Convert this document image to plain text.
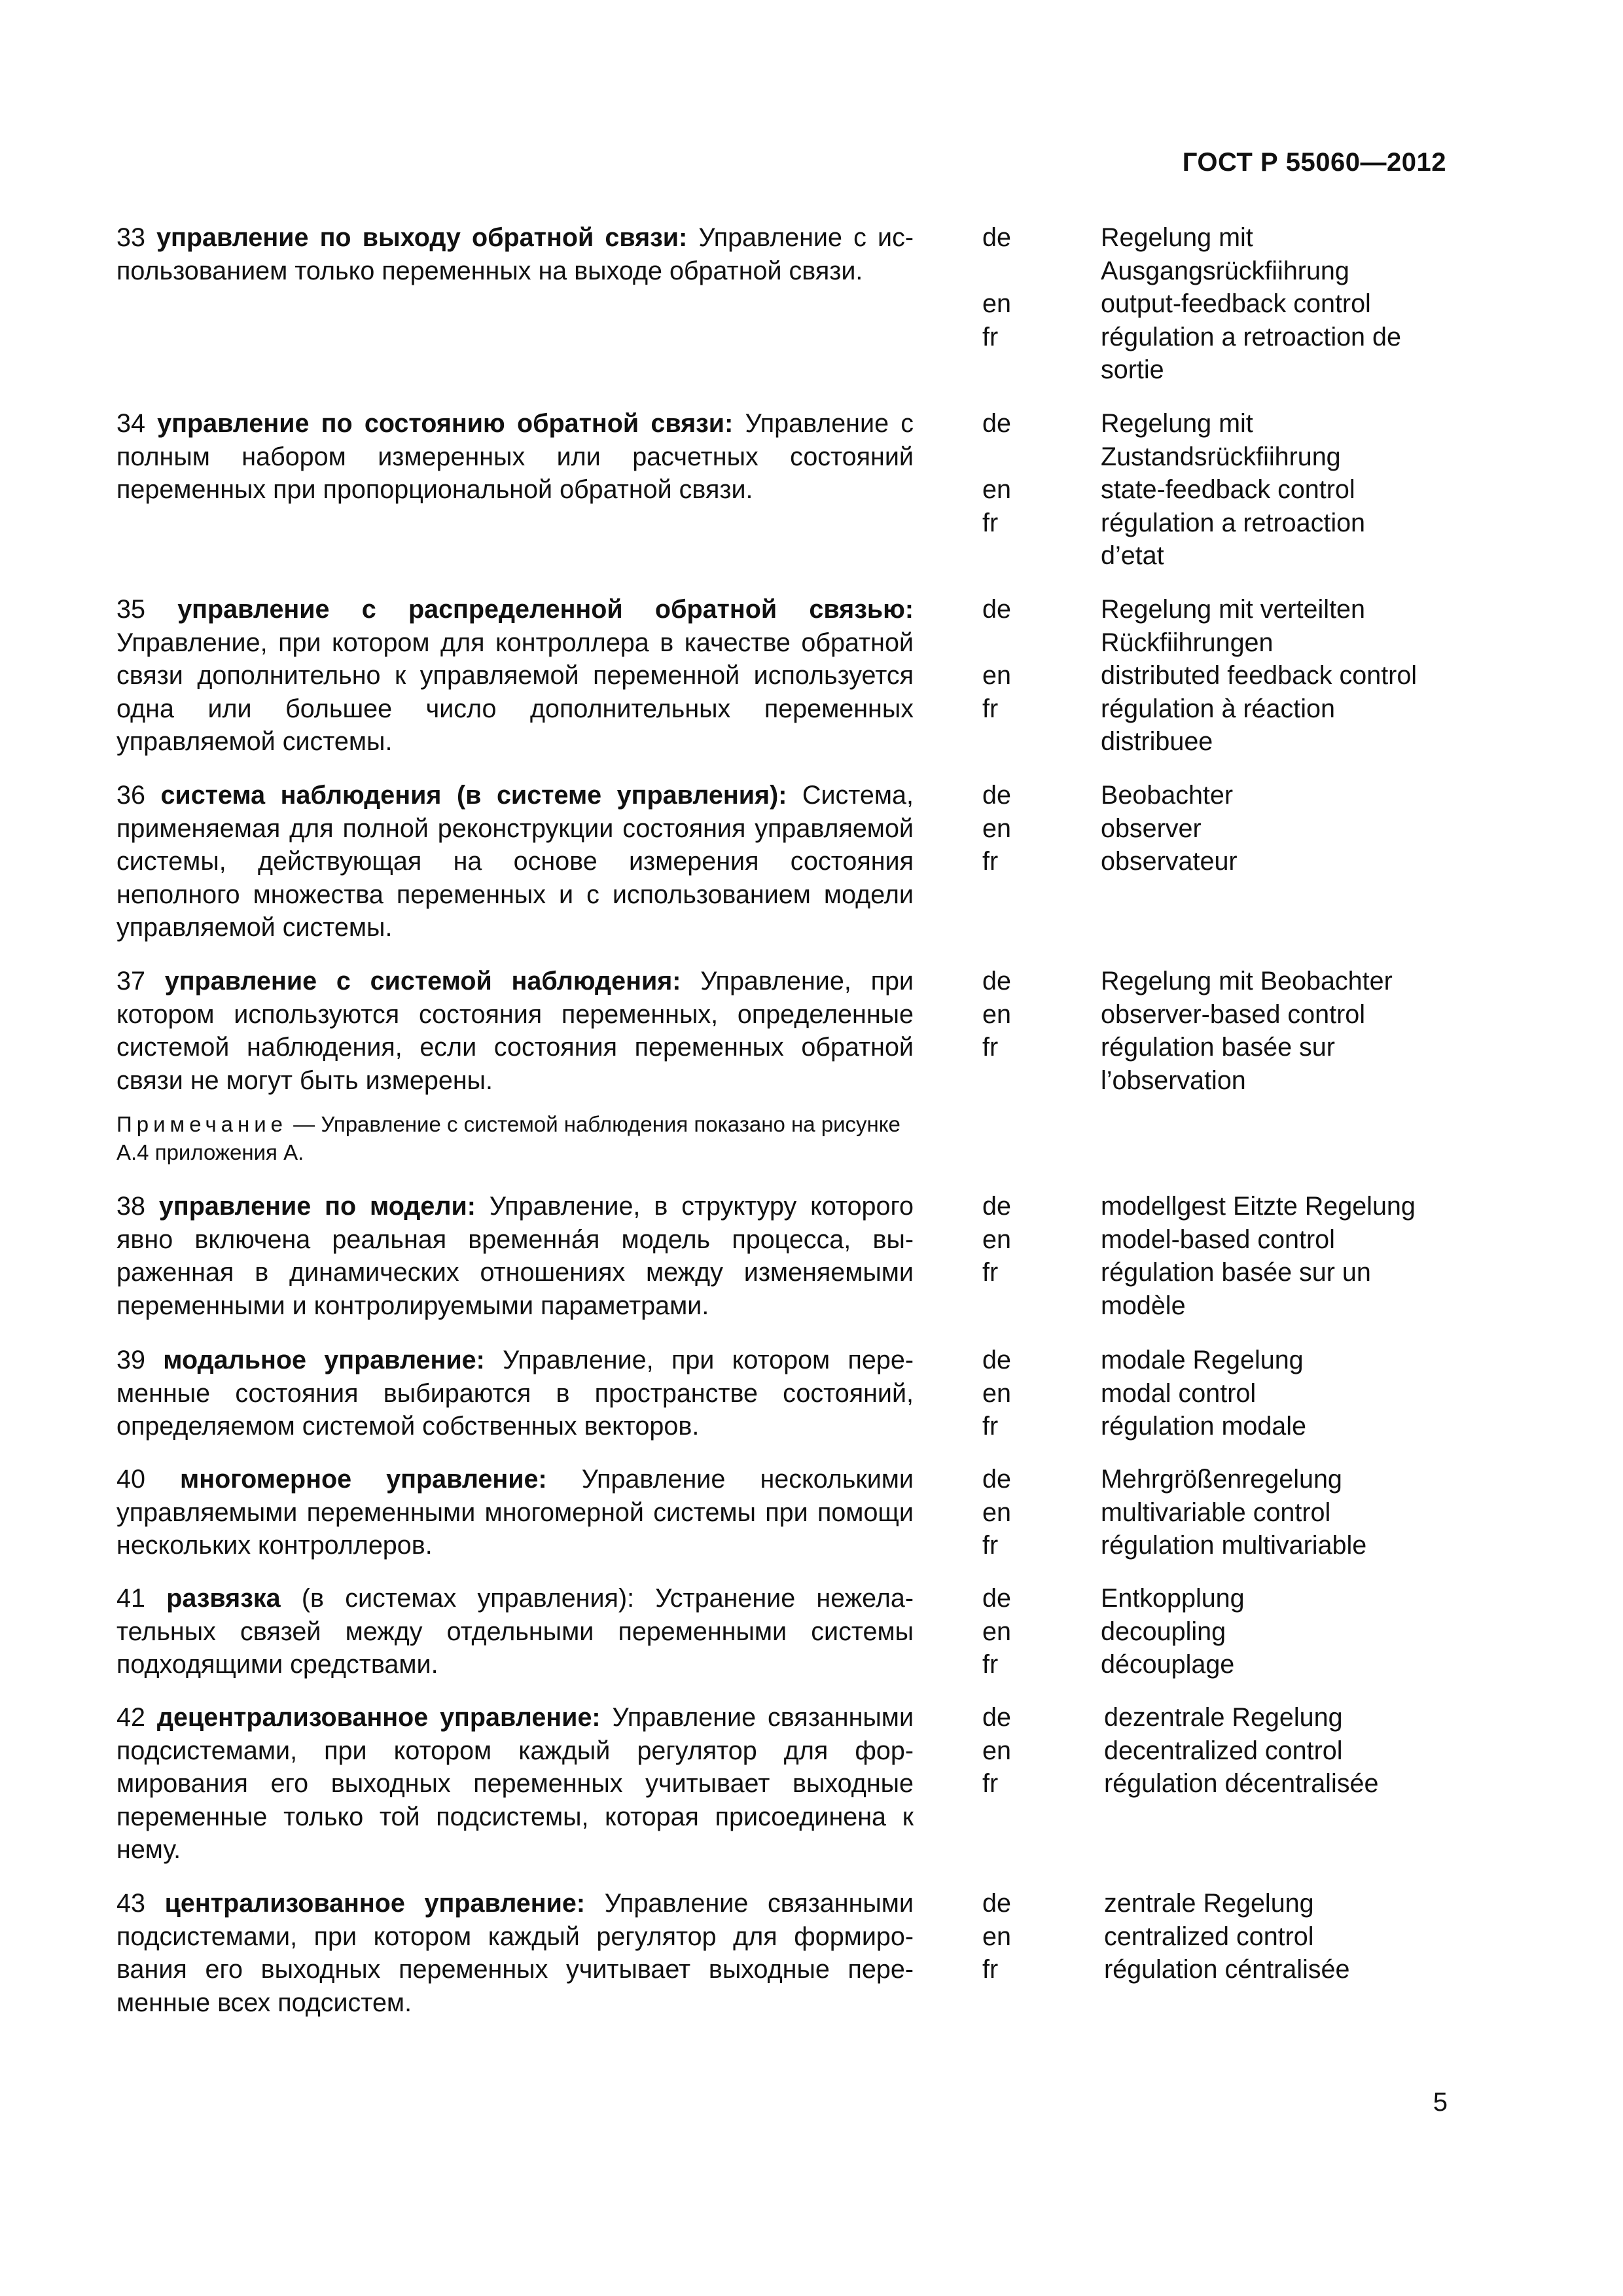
ГОСТ Р 55060—2012
33 управление по выходу обратной связи: Управление с использованием только переменных на выходе обратной связи.
de
en
fr
Regelung mit Ausgangsrückfiihrung
output-feedback control
régulation a retroaction de sortie
34 управление по состоянию обратной связи: Управление с полным набором измеренных или расчетных состояний переменных при пропорциональной обратной связи.
de
en
fr
Regelung mit Zustandsrückfiihrung
state-feedback control
régulation a retroaction d’etat
35 управление с распределенной обратной связью: Управление, при котором для контроллера в качестве обратной связи дополнительно к управляемой переменной используется одна или большее число дополнительных переменных управляемой системы.
de
en
fr
Regelung mit verteilten Rückfiihrungen
distributed feedback control
régulation à réaction distribuee
36 система наблюдения (в системе управления): Система, применяемая для полной реконструкции состояния управляемой системы, действующая на основе измерения состояния неполного множества переменных и с использованием модели управляемой системы.
de
en
fr
Beobachter
observer
observateur
37 управление с системой наблюдения: Управление, при котором используются состояния переменных, определенные системой наблюдения, если состояния переменных обратной связи не могут быть измерены.
de
en
fr
Regelung mit Beobachter
observer-based control
régulation basée sur l’observation
Примечание — Управление с системой наблюдения показано на рисунке А.4 приложения А.
38 управление по модели: Управление, в структуру которого явно включена реальная временна́я модель процесса, выраженная в динамических отношениях между изменяемыми переменными и контролируемыми параметрами.
de
en
fr
modellgest Eitzte Regelung
model-based control
régulation basée sur un modèle
39 модальное управление: Управление, при котором переменные состояния выбираются в пространстве состояний, определяемом системой собственных векторов.
de
en
fr
modale Regelung
modal control
régulation modale
40 многомерное управление: Управление несколькими управляемыми переменными многомерной системы при помощи нескольких контроллеров.
de
en
fr
Mehrgrößenregelung
multivariable control
régulation multivariable
41 развязка (в системах управления): Устранение нежелательных связей между отдельными переменными системы подходящими средствами.
de
en
fr
Entkopplung
decoupling
découplage
42 децентрализованное управление: Управление связанными подсистемами, при котором каждый регулятор для формирования его выходных переменных учитывает выходные переменные только той подсистемы, которая присоединена к нему.
de
en
fr
dezentrale Regelung
decentralized control
régulation décentralisée
43 централизованное управление: Управление связанными подсистемами, при котором каждый регулятор для формирования его выходных переменных учитывает выходные переменные всех подсистем.
de
en
fr
zentrale Regelung
centralized control
régulation céntralisée
5
